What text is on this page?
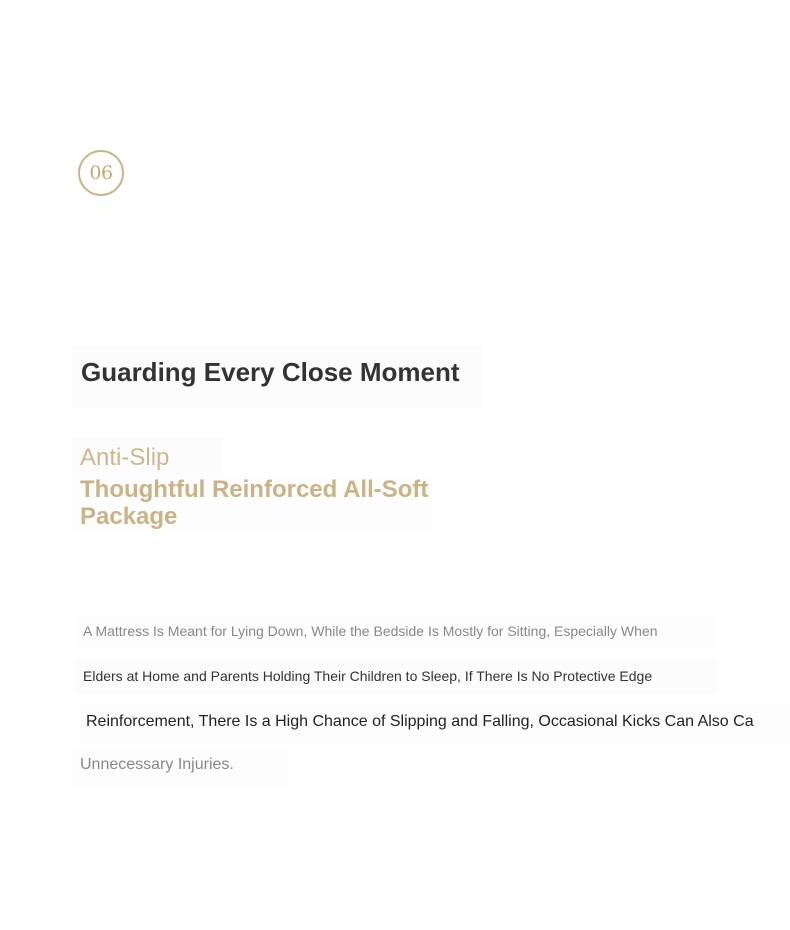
06
Guarding Every Close Moment

Anti-Slip

Thoughtful Reinforced All-Soft Package

A Mattress Is Meant for Lying Down, While the Bedside Is Mostly for Sitting, Especially When

Elders at Home and Parents Holding Their Children to Sleep, If There Is No Protective Edge

Reinforcement, There Is a High Chance of Slipping and Falling, Occasional Kicks Can Also Ca

Unnecessary Injuries.
